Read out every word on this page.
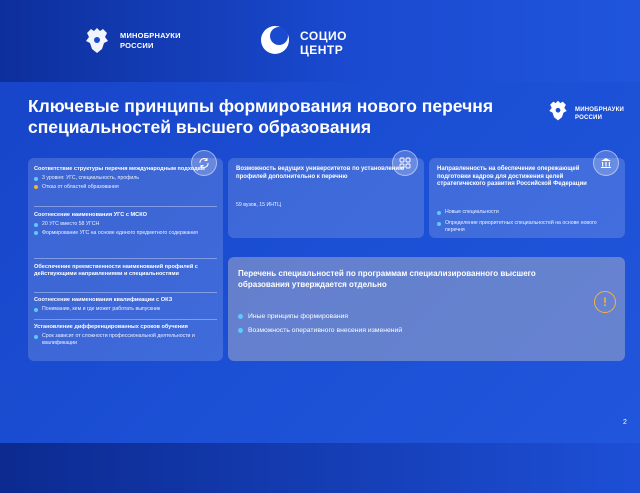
МИНОБРНАУКИ
РОССИИ
СОЦИО
ЦЕНТР
Ключевые принципы формирования нового перечня специальностей высшего образования
МИНОБРНАУКИ
РОССИИ
Соответствие структуры перечня международным подходам
3 уровня: УГС, специальность, профиль
Отказ от областей образования
Соотнесение наименования УГС с МСКО
20 УГС вместо 58 УГСН
Формирование УГС на основе единого предметного содержания
Обеспечение преемственности наименований профилей с действующими направлениями и специальностями
Соотнесение наименования квалификации с ОКЗ
Понимание, кем и где может работать выпускник
Установление дифференцированных сроков обучения
Срок зависит от сложности профессиональной деятельности и квалификации
Возможность ведущих университетов по установлению профилей дополнительно к перечню
59 вузов, 15 ИНТЦ
Направленность на обеспечение опережающей подготовки кадров для достижения целей стратегического развития Российской Федерации
Новые специальности
Определение приоритетных специальностей на основе нового перечня
Перечень специальностей по программам специализированного высшего образования утверждается отдельно
Иные принципы формирования
Возможность оперативного внесения изменений
!
2
